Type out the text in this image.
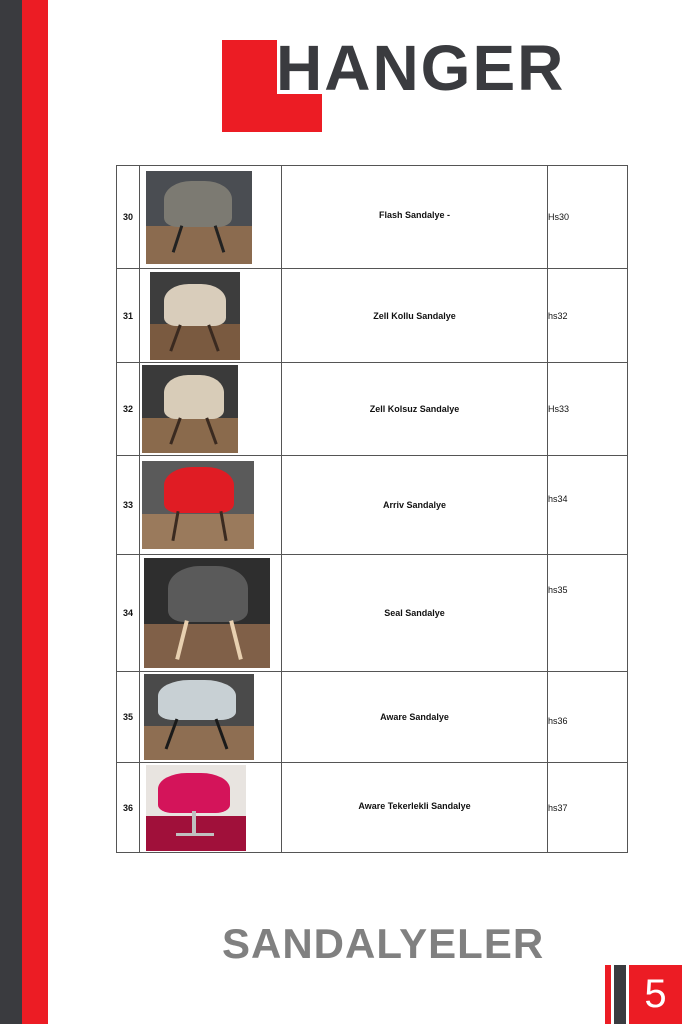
HANGER
30		Flash Sandalye -	Hs30
31		Zell Kollu Sandalye	hs32
32		Zell Kolsuz Sandalye	Hs33
33		Arriv Sandalye	hs34
34		Seal Sandalye	hs35
35		Aware Sandalye	hs36
36		Aware Tekerlekli Sandalye	hs37
SANDALYELER
5
